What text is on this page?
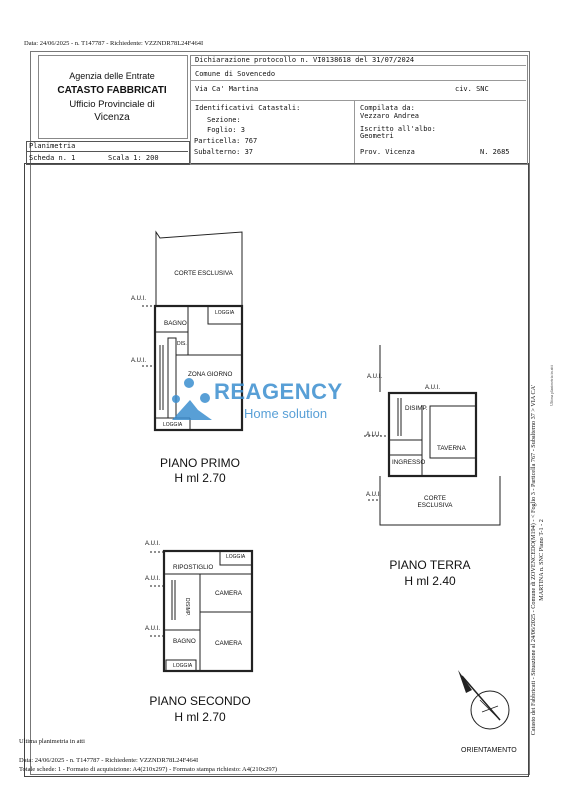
Data: 24/06/2025 - n. T147787 - Richiedente: VZZNDR78L24F464I
Agenzia delle Entrate
CATASTO FABBRICATI
Ufficio Provinciale di
Vicenza
Dichiarazione protocollo n. VI0138618 del 31/07/2024
Comune di Sovencedo
Via Ca' Martina	civ. SNC
Identificativi Catastali:
Sezione:
Foglio: 3
Particella: 767
Subalterno: 37
Compilata da:
Vezzaro Andrea
Iscritto all'albo:
Geometri
Prov. Vicenza	N. 2685
Planimetria
Scheda n. 1	Scala 1: 200
CORTE ESCLUSIVA
BAGNO
LOGGIA
DIS.
ZONA GIORNO
LOGGIA
A.U.I.
A.U.I.
PIANO PRIMO
H ml 2.70
DISIMP.
TAVERNA
INGRESSO
CORTE
ESCLUSIVA
A.U.I.
A.U.I.
A.U.I.
A.U.I.
PIANO TERRA
H ml 2.40
LOGGIA
RIPOSTIGLIO
CAMERA
DISIMP.
BAGNO	CAMERA
LOGGIA
A.U.I.
A.U.I.
A.U.I.
PIANO SECONDO
H ml 2.70
REAGENCY
Home solution
ORIENTAMENTO
Catasto dei Fabbricati - Situazione al 24/06/2025 - Comune di ZOVENCEDO(M194) - < Foglio 3 - Particella 767 - Subalterno 37 > VIA CA' MARTINA n. SNC Piano T-1 - 2
Ultima planimetria in atti
Ultima planimetria in atti
Data: 24/06/2025 - n. T147787 - Richiedente: VZZNDR78L24F464I
Totale schede: 1 - Formato di acquisizione: A4(210x297) - Formato stampa richiesto: A4(210x297)
